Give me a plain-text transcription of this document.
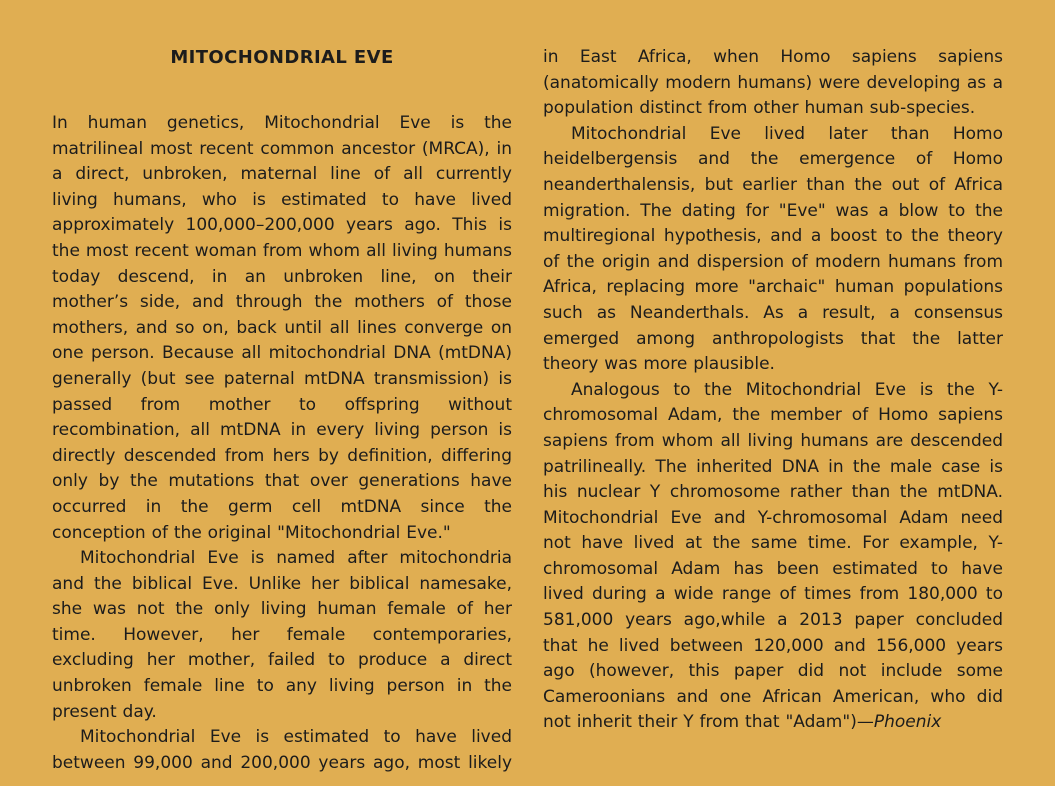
MITOCHONDRIAL EVE

In human genetics, Mitochondrial Eve is the matrilineal most recent common ancestor (MRCA), in a direct, unbroken, maternal line of all currently living humans, who is estimated to have lived approximately 100,000–200,000 years ago. This is the most recent woman from whom all living humans today descend, in an unbroken line, on their mother’s side, and through the mothers of those mothers, and so on, back until all lines converge on one person. Because all mitochondrial DNA (mtDNA) generally (but see paternal mtDNA transmission) is passed from mother to offspring without recombination, all mtDNA in every living person is directly descended from hers by definition, differing only by the mutations that over generations have occurred in the germ cell mtDNA since the conception of the original "Mitochondrial Eve."

Mitochondrial Eve is named after mitochondria and the biblical Eve. Unlike her biblical namesake, she was not the only living human female of her time. However, her female contemporaries, excluding her mother, failed to produce a direct unbroken female line to any living person in the present day.

Mitochondrial Eve is estimated to have lived between 99,000 and 200,000 years ago, most likely

in East Africa, when Homo sapiens sapiens (anatomically modern humans) were developing as a population distinct from other human sub-species.

Mitochondrial Eve lived later than Homo heidelbergensis and the emergence of Homo neanderthalensis, but earlier than the out of Africa migration. The dating for "Eve" was a blow to the multiregional hypothesis, and a boost to the theory of the origin and dispersion of modern humans from Africa, replacing more "archaic" human populations such as Neanderthals. As a result, a consensus emerged among anthropologists that the latter theory was more plausible.

Analogous to the Mitochondrial Eve is the Y-chromosomal Adam, the member of Homo sapiens sapiens from whom all living humans are descended patrilineally. The inherited DNA in the male case is his nuclear Y chromosome rather than the mtDNA. Mitochondrial Eve and Y-chromosomal Adam need not have lived at the same time. For example, Y-chromosomal Adam has been estimated to have lived during a wide range of times from 180,000 to 581,000 years ago,while a 2013 paper concluded that he lived between 120,000 and 156,000 years ago (however, this paper did not include some Cameroonians and one African American, who did not inherit their Y from that "Adam")—Phoenix
